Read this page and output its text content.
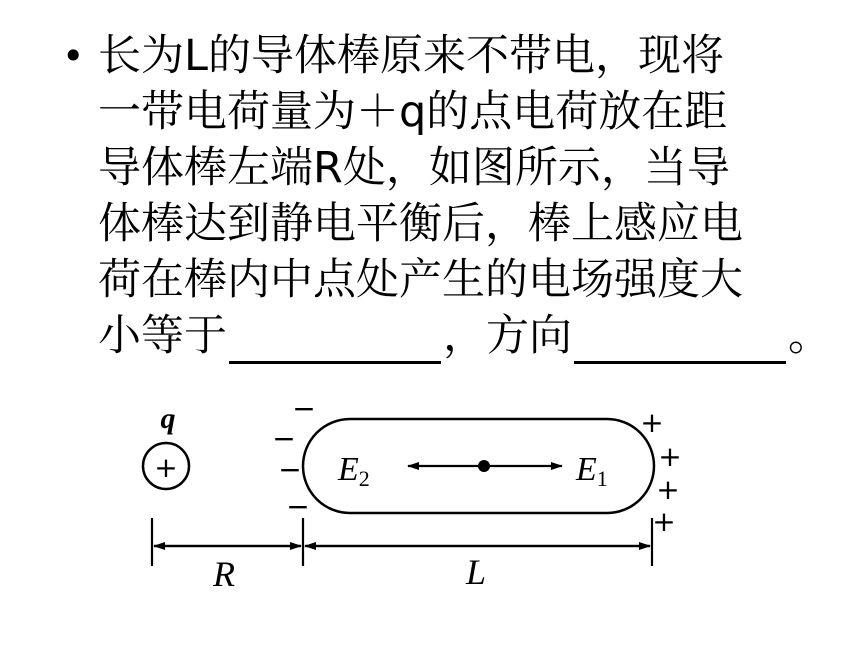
• 长为L的导体棒原来不带电，现将
一带电荷量为＋q的点电荷放在距
导体棒左端R处，如图所示，当导
体棒达到静电平衡后，棒上感应电
荷在棒内中点处产生的电场强度大
小等于	，方向	。
q
+
−
−
−
−
+
+
+
+
E2	E1
R	L
